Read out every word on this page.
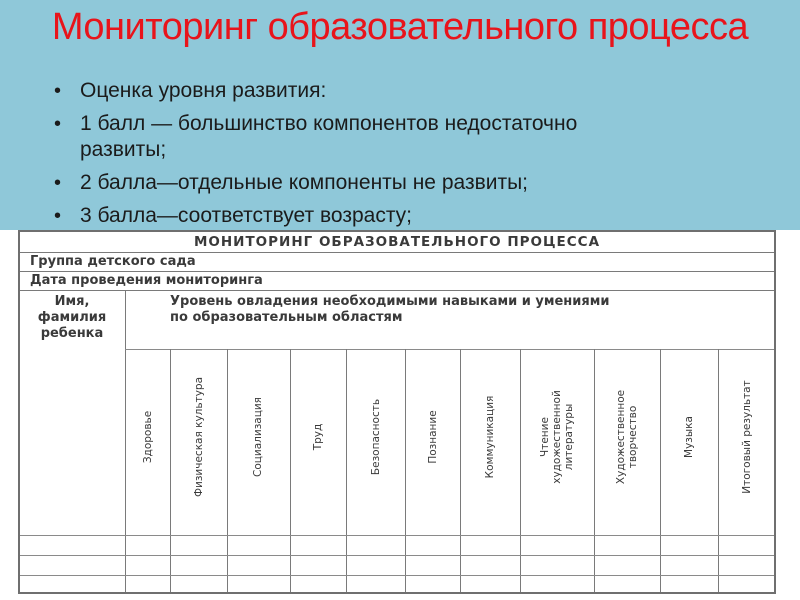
Мониторинг образовательного процесса
• Оценка уровня развития:
• 1 балл — большинство компонентов недостаточно
развиты;
• 2 балла—отдельные компоненты не развиты;
• 3 балла—соответствует возрасту;
МОНИТОРИНГ ОБРАЗОВАТЕЛЬНОГО ПРОЦЕССА
Группа детского сада
Дата проведения мониторинга
Имя,
фамилия
ребенка
Уровень овладения необходимыми навыками и умениями
по образовательным областям
Здоровье	Физическая культура	Социализация	Труд	Безопасность	Познание	Коммуникация	Чтение художественной литературы	Художественное творчество	Музыка	Итоговый результат
